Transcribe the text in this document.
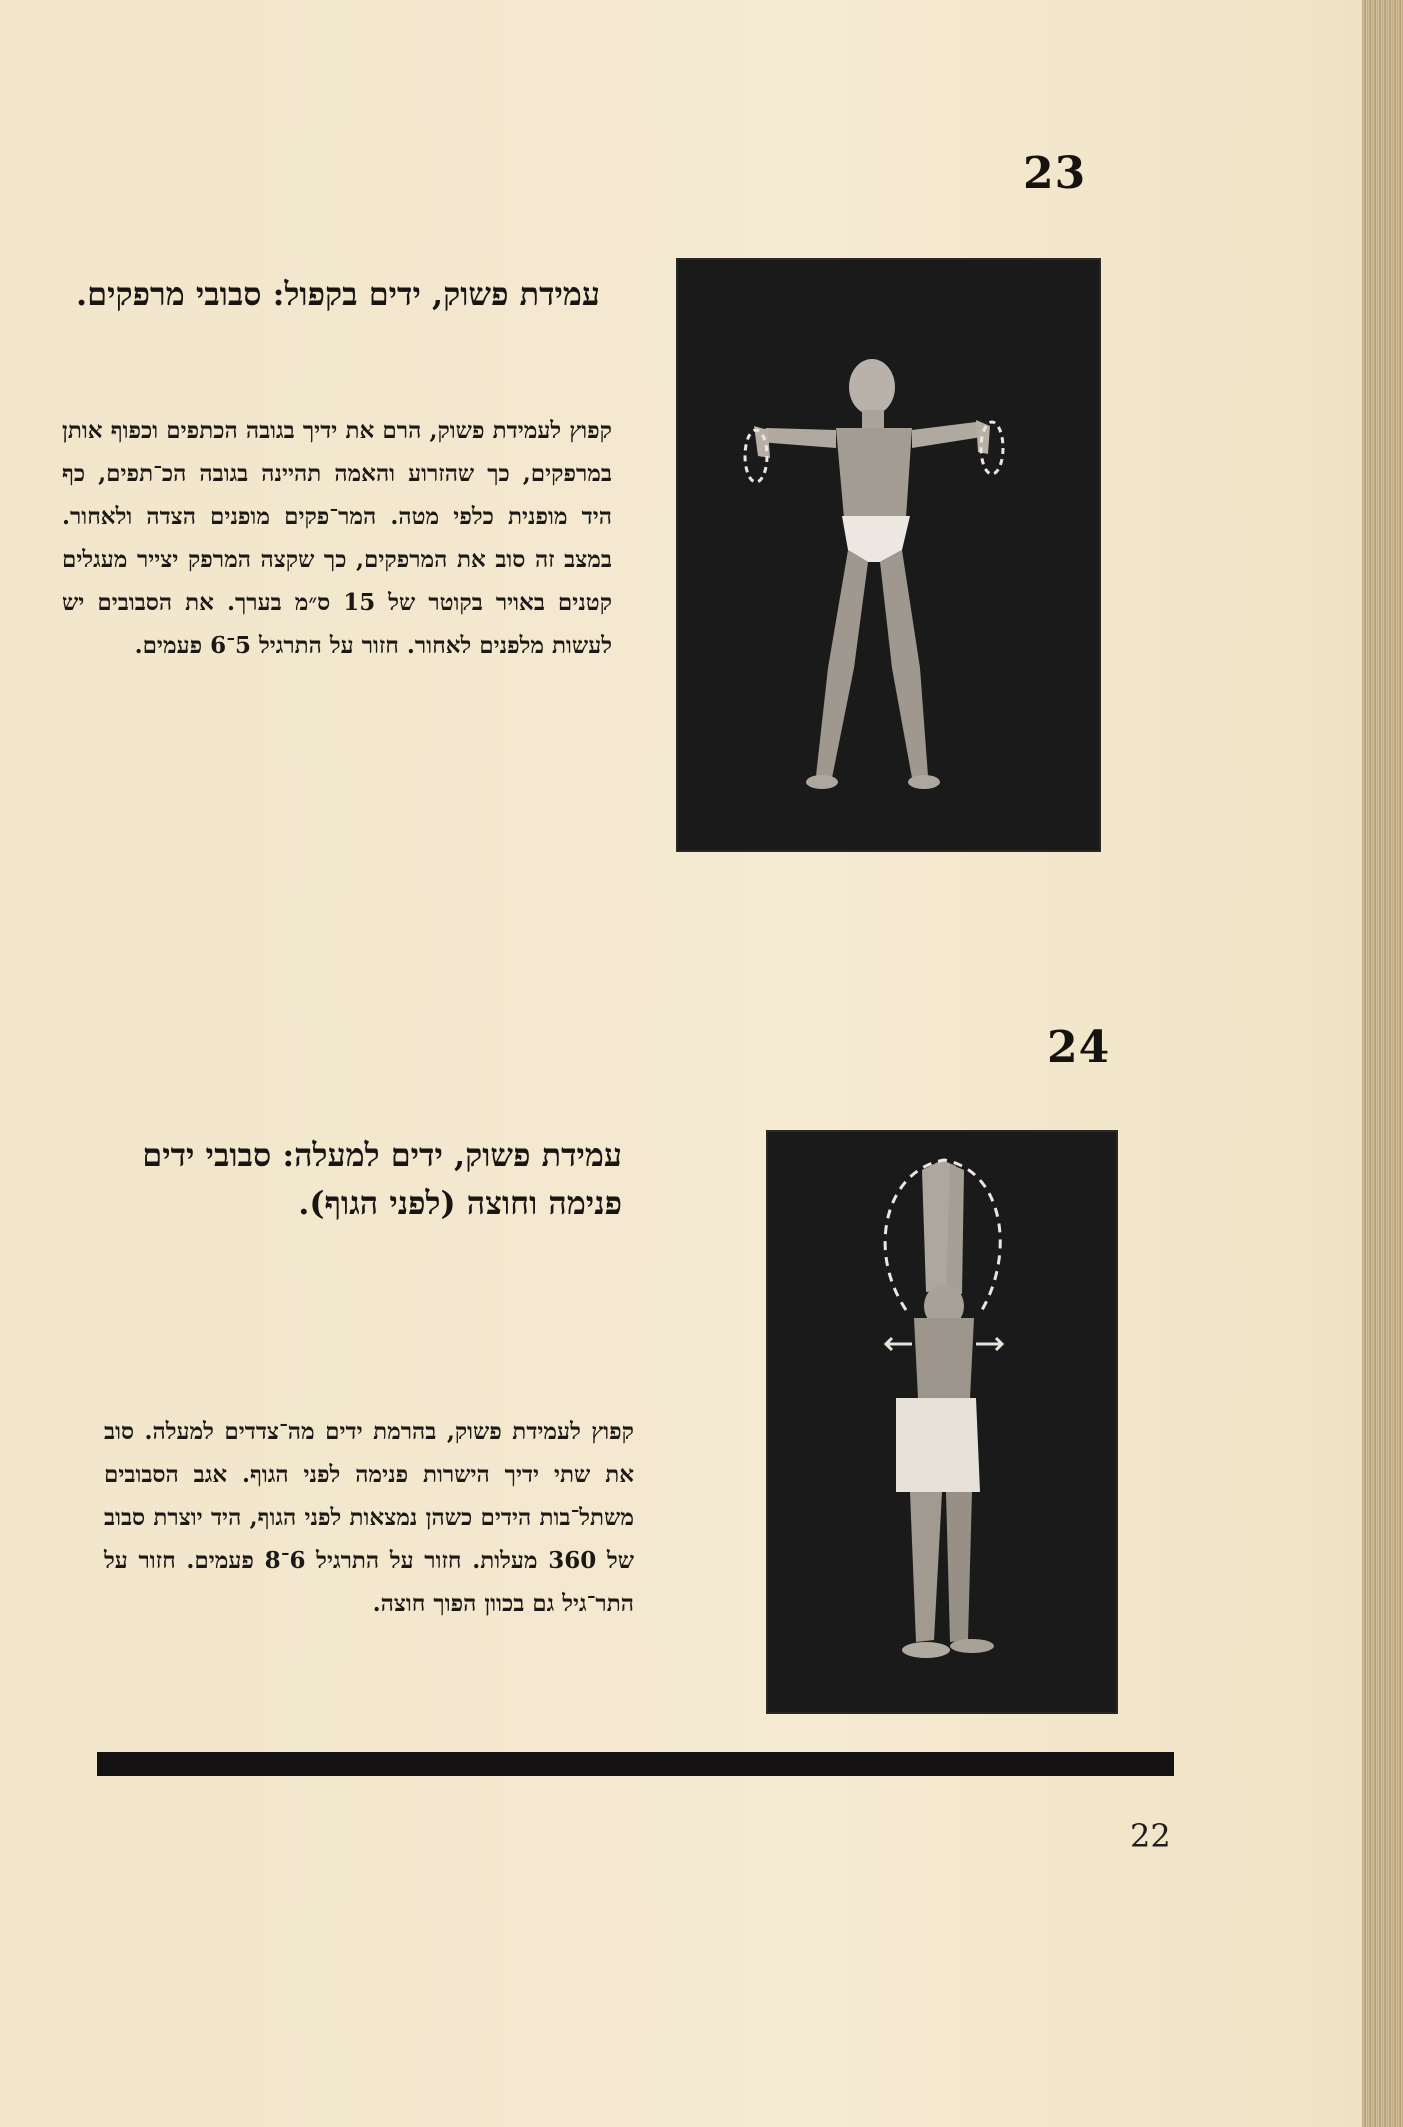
23
עמידת פשוק, ידים בקפול: סבובי מרפקים.
קפוץ לעמידת פשוק, הרם את ידיך בגובה הכתפים וכפוף אותן במרפקים, כך שהזרוע והאמה תהיינה בגובה הכ־תפים, כף היד מופנית כלפי מטה. המר־פקים מופנים הצדה ולאחור. במצב זה סוב את המרפקים, כך שקצה המרפק יצייר מעגלים קטנים באויר בקוטר של 15 ס״מ בערך. את הסבובים יש לעשות מלפנים לאחור. חזור על התרגיל 5־6 פעמים.
24
עמידת פשוק, ידים למעלה: סבובי ידים פנימה וחוצה (לפני הגוף).
קפוץ לעמידת פשוק, בהרמת ידים מה־צדדים למעלה. סוב את שתי ידיך הישרות פנימה לפני הגוף. אגב הסבובים משתל־בות הידים כשהן נמצאות לפני הגוף, היד יוצרת סבוב של 360 מעלות. חזור על התרגיל 6־8 פעמים. חזור על התר־גיל גם בכוון הפוך חוצה.
22
